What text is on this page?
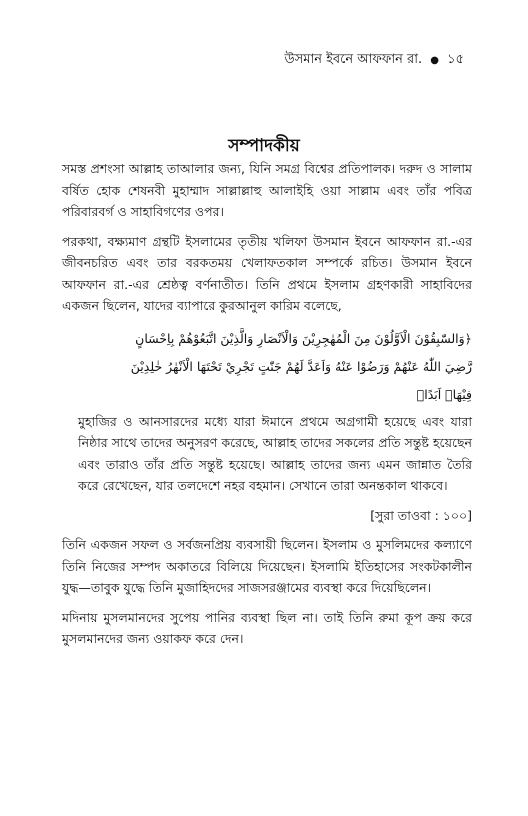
উসমান ইবনে আফফান রা. ● ১৫
সম্পাদকীয়

সমস্ত প্রশংসা আল্লাহ তাআলার জন্য, যিনি সমগ্র বিশ্বের প্রতিপালক। দরুদ ও সালাম বর্ষিত হোক শেষনবী মুহাম্মাদ সাল্লাল্লাহু আলাইহি ওয়া সাল্লাম এবং তাঁর পবিত্র পরিবারবর্গ ও সাহাবিগণের ওপর।

পরকথা, বক্ষ্যমাণ গ্রন্থটি ইসলামের তৃতীয় খলিফা উসমান ইবনে আফফান রা.-এর জীবনচরিত এবং তার বরকতময় খেলাফতকাল সম্পর্কে রচিত। উসমান ইবনে আফফান রা.-এর শ্রেষ্ঠত্ব বর্ণনাতীত। তিনি প্রথমে ইসলাম গ্রহণকারী সাহাবিদের একজন ছিলেন, যাদের ব্যাপারে কুরআনুল কারিম বলেছে,

﴿وَالسّٰبِقُوْنَ الْاَوَّلُوْنَ مِنَ الْمُهٰجِرِيْنَ وَالْاَنْصَارِ وَالَّذِيْنَ اتَّبَعُوْهُمْ بِاِحْسَانٍ
رَّضِيَ اللّٰهُ عَنْهُمْ وَرَضُوْا عَنْهُ وَاَعَدَّ لَهُمْ جَنّٰتٍ تَجْرِيْ تَحْتَهَا الْاَنْهٰرُ خٰلِدِيْنَ
فِيْهَاۤ اَبَدًا﴾

মুহাজির ও আনসারদের মধ্যে যারা ঈমানে প্রথমে অগ্রগামী হয়েছে এবং যারা নিষ্ঠার সাথে তাদের অনুসরণ করেছে, আল্লাহ তাদের সকলের প্রতি সন্তুষ্ট হয়েছেন এবং তারাও তাঁর প্রতি সন্তুষ্ট হয়েছে। আল্লাহ তাদের জন্য এমন জান্নাত তৈরি করে রেখেছেন, যার তলদেশে নহর বহমান। সেখানে তারা অনন্তকাল থাকবে।

[সুরা তাওবা : ১০০]

তিনি একজন সফল ও সর্বজনপ্রিয় ব্যবসায়ী ছিলেন। ইসলাম ও মুসলিমদের কল্যাণে তিনি নিজের সম্পদ অকাতরে বিলিয়ে দিয়েছেন। ইসলামি ইতিহাসের সংকটকালীন যুদ্ধ—তাবুক যুদ্ধে তিনি মুজাহিদদের সাজসরঞ্জামের ব্যবস্থা করে দিয়েছিলেন।

মদিনায় মুসলমানদের সুপেয় পানির ব্যবস্থা ছিল না। তাই তিনি রুমা কূপ ক্রয় করে মুসলমানদের জন্য ওয়াকফ করে দেন।
